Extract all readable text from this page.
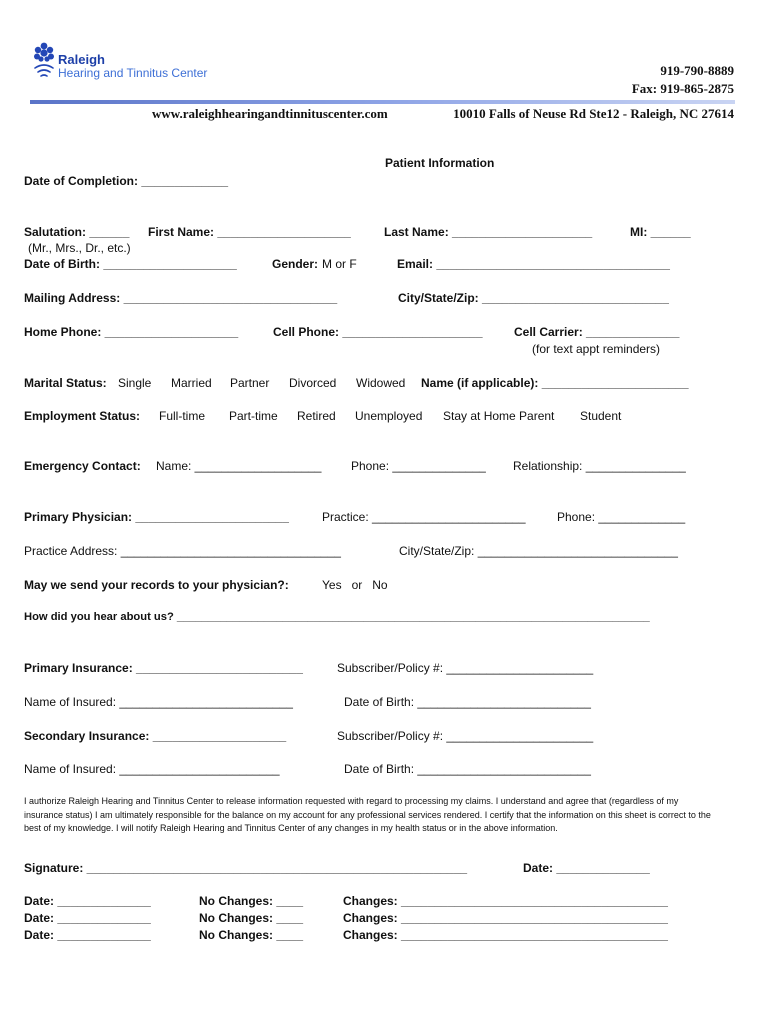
Raleigh
Hearing and Tinnitus Center	919-790-8889
Fax: 919-865-2875
www.raleighhearingandtinnituscenter.com	10010 Falls of Neuse Rd Ste12 - Raleigh, NC 27614
Patient Information
Date of Completion: _____________
Salutation: ______ First Name: ____________________	Last Name: _____________________	MI: ______
(Mr., Mrs., Dr., etc.)
Date of Birth: ____________________	Gender: M or F	Email: ___________________________________
Mailing Address: ________________________________	City/State/Zip: ____________________________
Home Phone: ____________________	Cell Phone: _____________________	Cell Carrier: ______________
(for text appt reminders)
Marital Status: Single Married Partner Divorced Widowed Name (if applicable): ______________________
Employment Status: Full-time Part-time Retired Unemployed Stay at Home Parent Student
Emergency Contact: Name: ___________________ Phone: ______________ Relationship: _______________
Primary Physician: _______________________	Practice: _______________________	Phone: _____________
Practice Address: _________________________________	City/State/Zip: ______________________________
May we send your records to your physician?:	Yes   or   No
How did you hear about us? ____________________________________________________________________________
Primary Insurance: _________________________	Subscriber/Policy #: ______________________
Name of Insured: __________________________	Date of Birth: __________________________
Secondary Insurance: ____________________	Subscriber/Policy #: ______________________
Name of Insured: ________________________	Date of Birth: __________________________
I authorize Raleigh Hearing and Tinnitus Center to release information requested with regard to processing my claims. I understand and agree that (regardless of my insurance status) I am ultimately responsible for the balance on my account for any professional services rendered. I certify that the information on this sheet is correct to the best of my knowledge. I will notify Raleigh Hearing and Tinnitus Center of any changes in my health status or in the above information.
Signature: _________________________________________________________	Date: ______________
Date: ______________	No Changes: ____	Changes: ________________________________________
Date: ______________	No Changes: ____	Changes: ________________________________________
Date: ______________	No Changes: ____	Changes: ________________________________________
